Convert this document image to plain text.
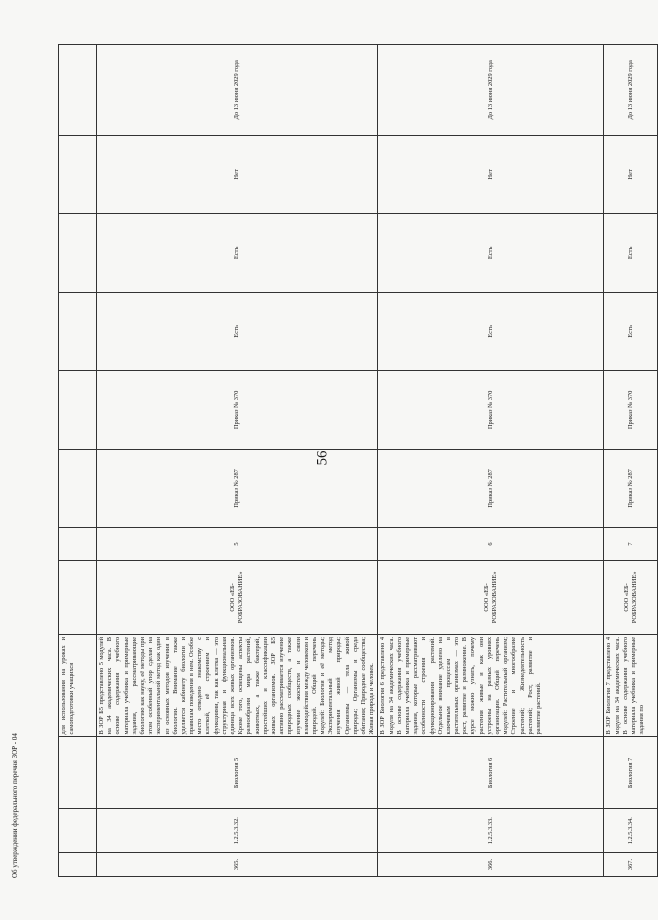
56
			для использования на уроках и самоподготовки учащихся								
365.	1.2.5.3.32.	Биология 5	В ЗОР Б5 представлено 5 модулей на 34 академических часа. В основе содержания учебного материала учебника и примерные задания, рассматривающие биологию как науку, её методы при этом особенный упор сделан на экспериментальной метод как один из основных методов изучения в биологии. Внимание также уделяется кабинету биологии и правилам поведения в нем. Особое место отведено знакомству с клеткой, её строением и функциями, так как клетка — это структурная и функциональная единица всех живых организмов. Кроме того, освещены аспекты разнообразия мира растений, животных, а также бактерий, простейших и классификации живых организмов. ЗОР Б5 активно рассматривается изучение природных сообществ, а также изучение экосистем и связи взаимодействия между человеком и природой. Общий перечень модулей: Биология и её методы; Экспериментальный метод изучения живой природы; Организмы — тела живой природы; Организмы и среда обитания; Природные сообщества; Живая природа и человек.	ООО «ЕБ-РОБРАЗОВАНИЕ»	5	Приказ № 287	Приказ № 370	Есть	Есть	Нет	До 13 июня 2029 года
366.	1.2.5.3.33.	Биология 6	В ЗОР Биология 6 представлено 4 модуля на 34 академических часа. В основе содержания учебного материала учебника и примерные задания, которые рассматривают особенности строения и функционирования растений. Отдельное внимание уделено на ключевым процессам в растительных организмах — это рост, развитие и размножение. В курсе можно узнать, почему растения живые и как они устроены на разных уровнях организации. Общий перечень модулей: Растительный организм; Строение и многообразие растений; Жизнедеятельность растений; Рост, развитие и развитие растений.	ООО «ЕБ-РОБРАЗОВАНИЕ»	6	Приказ № 287	Приказ № 370	Есть	Есть	Нет	До 13 июня 2029 года
367.	1.2.5.3.34.	Биология 7	В ЗОР Биология 7 представлено 4 модуля на 34 академических часа. В основе содержания учебного материала учебника и примерные задания по	ООО «ЕБ-РОБРАЗОВАНИЕ»	7	Приказ № 287	Приказ № 370	Есть	Есть	Нет	До 13 июня 2029 года
Об утверждении федерального перечня ЗОР - 04
